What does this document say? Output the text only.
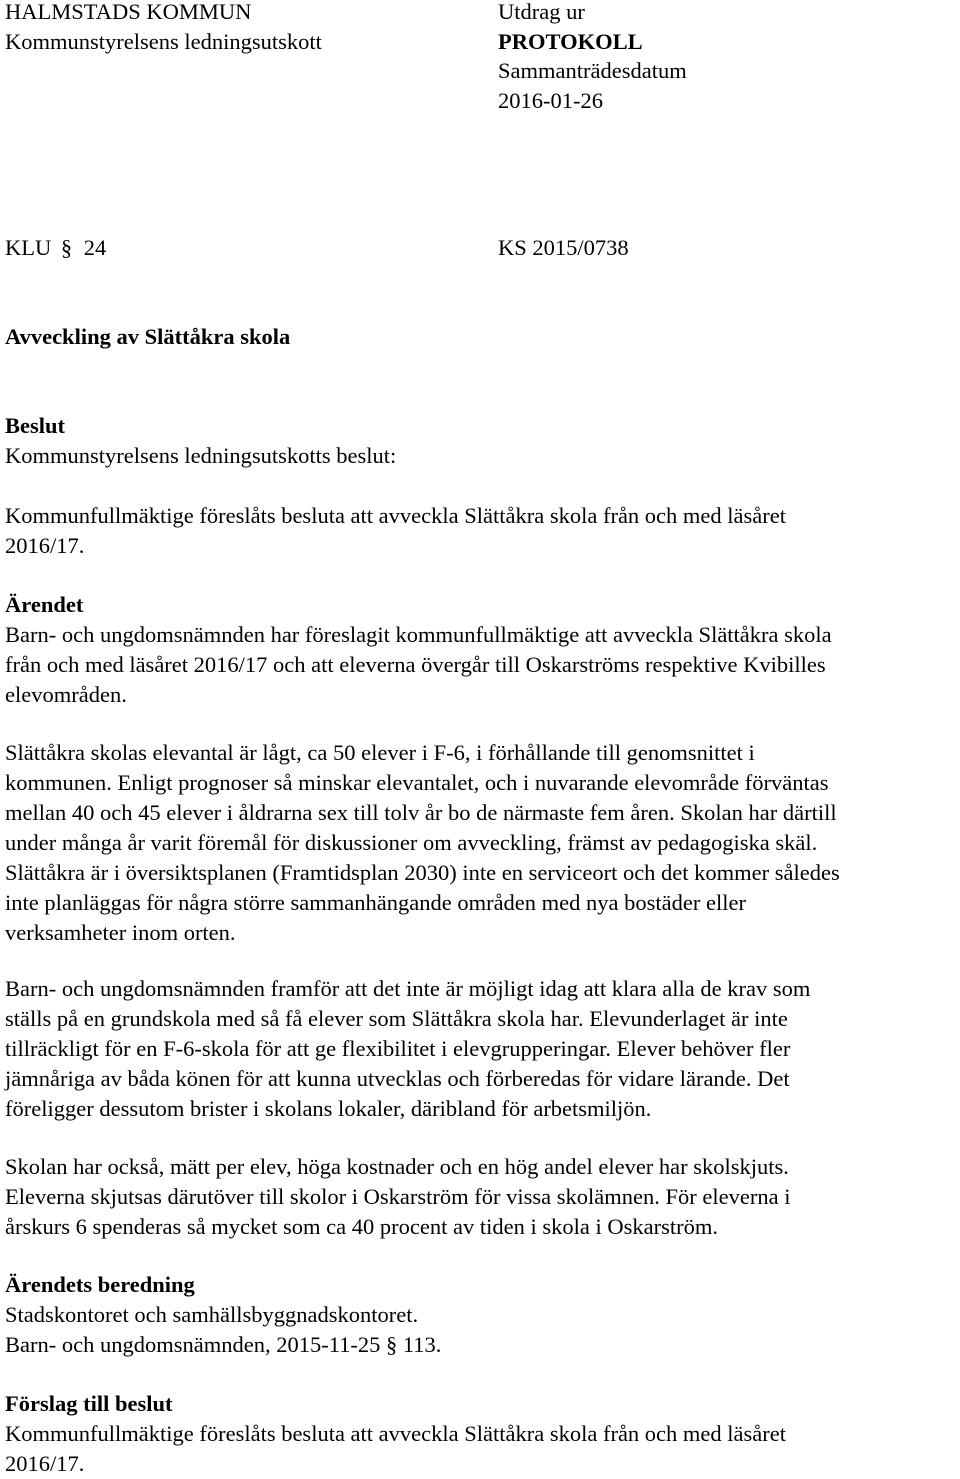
HALMSTADS KOMMUN
Kommunstyrelsens ledningsutskott
Utdrag ur
PROTOKOLL
Sammanträdesdatum
2016-01-26
KLU § 24	KS 2015/0738
Avveckling av Slättåkra skola
Beslut
Kommunstyrelsens ledningsutskotts beslut:
Kommunfullmäktige föreslåts besluta att avveckla Slättåkra skola från och med läsåret
2016/17.
Ärendet
Barn- och ungdomsnämnden har föreslagit kommunfullmäktige att avveckla Slättåkra skola
från och med läsåret 2016/17 och att eleverna övergår till Oskarströms respektive Kvibilles
elevområden.
Slättåkra skolas elevantal är lågt, ca 50 elever i F-6, i förhållande till genomsnittet i
kommunen. Enligt prognoser så minskar elevantalet, och i nuvarande elevområde förväntas
mellan 40 och 45 elever i åldrarna sex till tolv år bo de närmaste fem åren. Skolan har därtill
under många år varit föremål för diskussioner om avveckling, främst av pedagogiska skäl.
Slättåkra är i översiktsplanen (Framtidsplan 2030) inte en serviceort och det kommer således
inte planläggas för några större sammanhängande områden med nya bostäder eller
verksamheter inom orten.
Barn- och ungdomsnämnden framför att det inte är möjligt idag att klara alla de krav som
ställs på en grundskola med så få elever som Slättåkra skola har. Elevunderlaget är inte
tillräckligt för en F-6-skola för att ge flexibilitet i elevgrupperingar. Elever behöver fler
jämnåriga av båda könen för att kunna utvecklas och förberedas för vidare lärande. Det
föreligger dessutom brister i skolans lokaler, däribland för arbetsmiljön.
Skolan har också, mätt per elev, höga kostnader och en hög andel elever har skolskjuts.
Eleverna skjutsas därutöver till skolor i Oskarström för vissa skolämnen. För eleverna i
årskurs 6 spenderas så mycket som ca 40 procent av tiden i skola i Oskarström.
Ärendets beredning
Stadskontoret och samhällsbyggnadskontoret.
Barn- och ungdomsnämnden, 2015-11-25 § 113.
Förslag till beslut
Kommunfullmäktige föreslåts besluta att avveckla Slättåkra skola från och med läsåret
2016/17.
